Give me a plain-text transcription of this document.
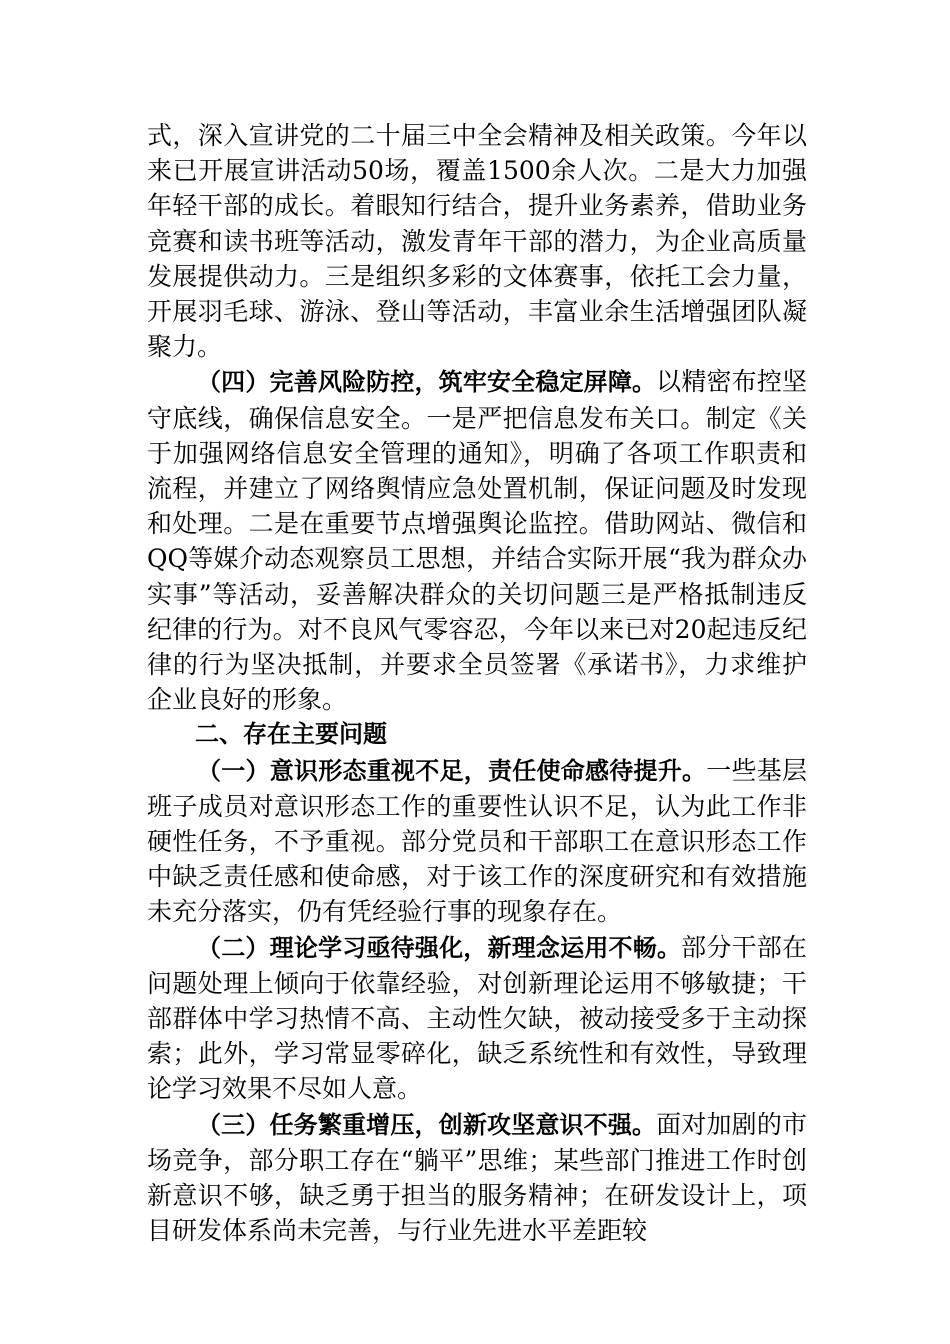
式，深入宣讲党的二十届三中全会精神及相关政策。今年以来已开展宣讲活动50场，覆盖1500余人次。二是大力加强年轻干部的成长。着眼知行结合，提升业务素养，借助业务竞赛和读书班等活动，激发青年干部的潜力，为企业高质量发展提供动力。三是组织多彩的文体赛事，依托工会力量，开展羽毛球、游泳、登山等活动，丰富业余生活增强团队凝聚力。

（四）完善风险防控，筑牢安全稳定屏障。以精密布控坚守底线，确保信息安全。一是严把信息发布关口。制定《关于加强网络信息安全管理的通知》，明确了各项工作职责和流程，并建立了网络舆情应急处置机制，保证问题及时发现和处理。二是在重要节点增强舆论监控。借助网站、微信和QQ等媒介动态观察员工思想，并结合实际开展“我为群众办实事”等活动，妥善解决群众的关切问题三是严格抵制违反纪律的行为。对不良风气零容忍，今年以来已对20起违反纪律的行为坚决抵制，并要求全员签署《承诺书》，力求维护企业良好的形象。

二、存在主要问题

（一）意识形态重视不足，责任使命感待提升。一些基层班子成员对意识形态工作的重要性认识不足，认为此工作非硬性任务，不予重视。部分党员和干部职工在意识形态工作中缺乏责任感和使命感，对于该工作的深度研究和有效措施未充分落实，仍有凭经验行事的现象存在。

（二）理论学习亟待强化，新理念运用不畅。部分干部在问题处理上倾向于依靠经验，对创新理论运用不够敏捷；干部群体中学习热情不高、主动性欠缺，被动接受多于主动探索；此外，学习常显零碎化，缺乏系统性和有效性，导致理论学习效果不尽如人意。

（三）任务繁重增压，创新攻坚意识不强。面对加剧的市场竞争，部分职工存在“躺平”思维；某些部门推进工作时创新意识不够，缺乏勇于担当的服务精神；在研发设计上，项目研发体系尚未完善，与行业先进水平差距较
